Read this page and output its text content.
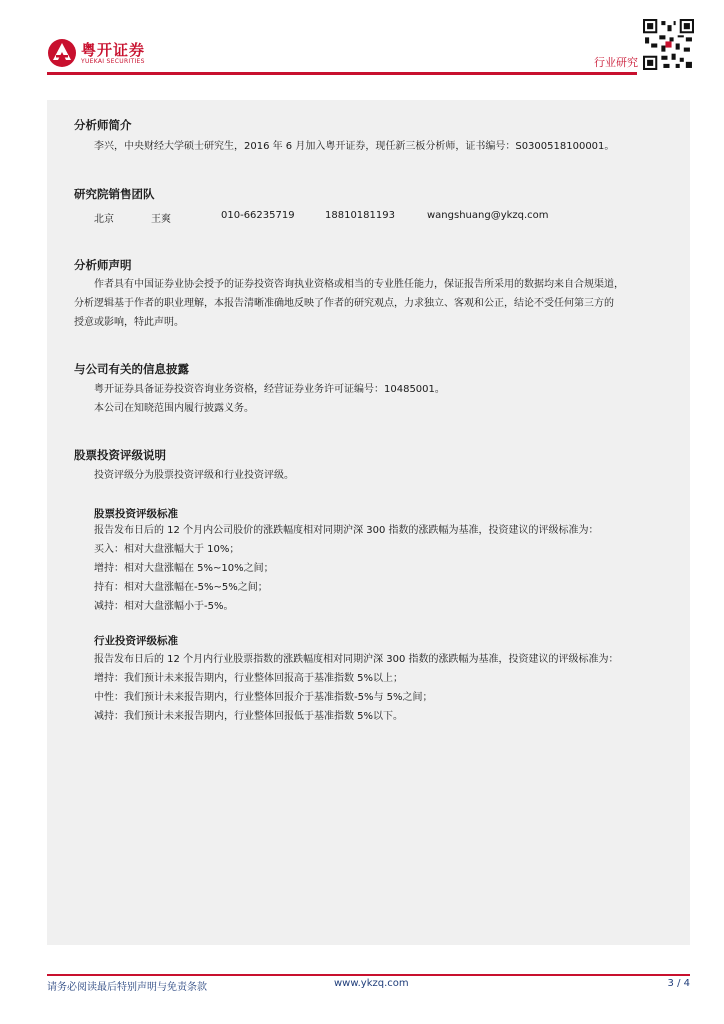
粤开证券
YUEKAI SECURITIES	行业研究
分析师简介
李兴，中央财经大学硕士研究生，2016 年 6 月加入粤开证券，现任新三板分析师，证书编号：S0300518100001。
研究院销售团队
北京	王爽	010-66235719	18810181193	wangshuang@ykzq.com
分析师声明
作者具有中国证券业协会授予的证券投资咨询执业资格或相当的专业胜任能力，保证报告所采用的数据均来自合规渠道，
分析逻辑基于作者的职业理解，本报告清晰准确地反映了作者的研究观点，力求独立、客观和公正，结论不受任何第三方的
授意或影响，特此声明。
与公司有关的信息披露
粤开证券具备证券投资咨询业务资格，经营证券业务许可证编号：10485001。
本公司在知晓范围内履行披露义务。
股票投资评级说明
投资评级分为股票投资评级和行业投资评级。
股票投资评级标准
报告发布日后的 12 个月内公司股价的涨跌幅度相对同期沪深 300 指数的涨跌幅为基准，投资建议的评级标准为：
买入：相对大盘涨幅大于 10%；
增持：相对大盘涨幅在 5%~10%之间；
持有：相对大盘涨幅在-5%~5%之间；
减持：相对大盘涨幅小于-5%。
行业投资评级标准
报告发布日后的 12 个月内行业股票指数的涨跌幅度相对同期沪深 300 指数的涨跌幅为基准，投资建议的评级标准为：
增持：我们预计未来报告期内，行业整体回报高于基准指数 5%以上；
中性：我们预计未来报告期内，行业整体回报介于基准指数-5%与 5%之间；
减持：我们预计未来报告期内，行业整体回报低于基准指数 5%以下。
请务必阅读最后特别声明与免责条款	www.ykzq.com	3 / 4
